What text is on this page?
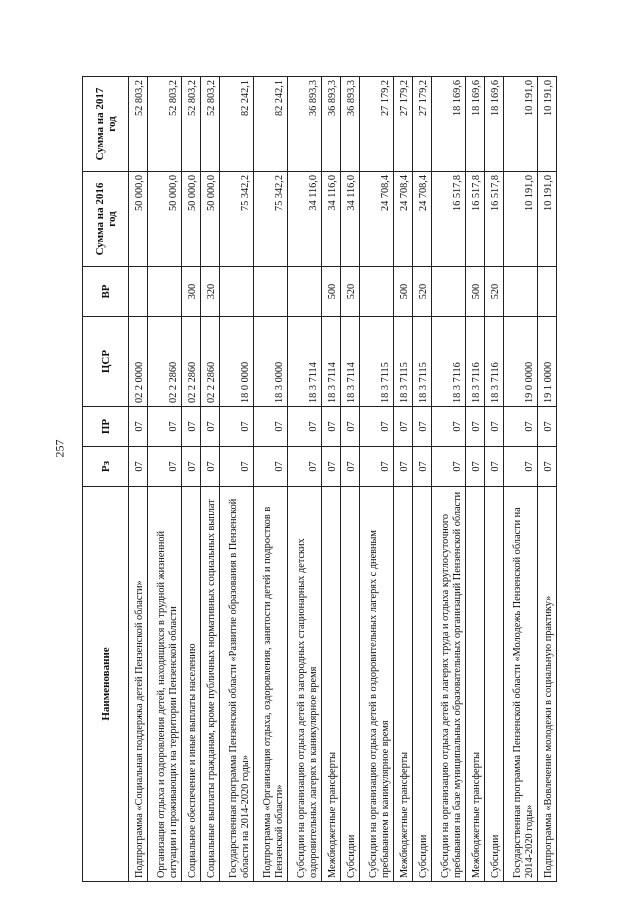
257
Наименование	Рз	ПР	ЦСР	ВР	Сумма на 2016 год	Сумма на 2017 год
Подпрограмма «Социальная поддержка детей Пензенской области»	07	07	02 2 0000		50 000,0	52 803,2
Организация отдыха и оздоровления детей, находящихся в трудной жизненной ситуации и проживающих на территории Пензенской области	07	07	02 2 2860		50 000,0	52 803,2
Социальное обеспечение и иные выплаты населению	07	07	02 2 2860	300	50 000,0	52 803,2
Социальные выплаты гражданам, кроме публичных нормативных социальных выплат	07	07	02 2 2860	320	50 000,0	52 803,2
Государственная программа Пензенской области «Развитие образования в Пензенской области на 2014-2020 годы»	07	07	18 0 0000		75 342,2	82 242,1
Подпрограмма «Организация отдыха, оздоровления, занятости детей и подростков в Пензенской области»	07	07	18 3 0000		75 342,2	82 242,1
Субсидии на организацию отдыха детей в загородных стационарных детских оздоровительных лагерях в каникулярное время	07	07	18 3 7114		34 116,0	36 893,3
Межбюджетные трансферты	07	07	18 3 7114	500	34 116,0	36 893,3
Субсидии	07	07	18 3 7114	520	34 116,0	36 893,3
Субсидии на организацию отдыха детей в оздоровительных лагерях с дневным пребыванием в каникулярное время	07	07	18 3 7115		24 708,4	27 179,2
Межбюджетные трансферты	07	07	18 3 7115	500	24 708,4	27 179,2
Субсидии	07	07	18 3 7115	520	24 708,4	27 179,2
Субсидии на организацию отдыха детей в лагерях труда и отдыха круглосуточного пребывания на базе муниципальных образовательных организаций Пензенской области	07	07	18 3 7116		16 517,8	18 169,6
Межбюджетные трансферты	07	07	18 3 7116	500	16 517,8	18 169,6
Субсидии	07	07	18 3 7116	520	16 517,8	18 169,6
Государственная программа Пензенской области «Молодежь Пензенской области на 2014-2020 годы»	07	07	19 0 0000		10 191,0	10 191,0
Подпрограмма «Вовлечение молодежи в социальную практику»	07	07	19 1 0000		10 191,0	10 191,0
